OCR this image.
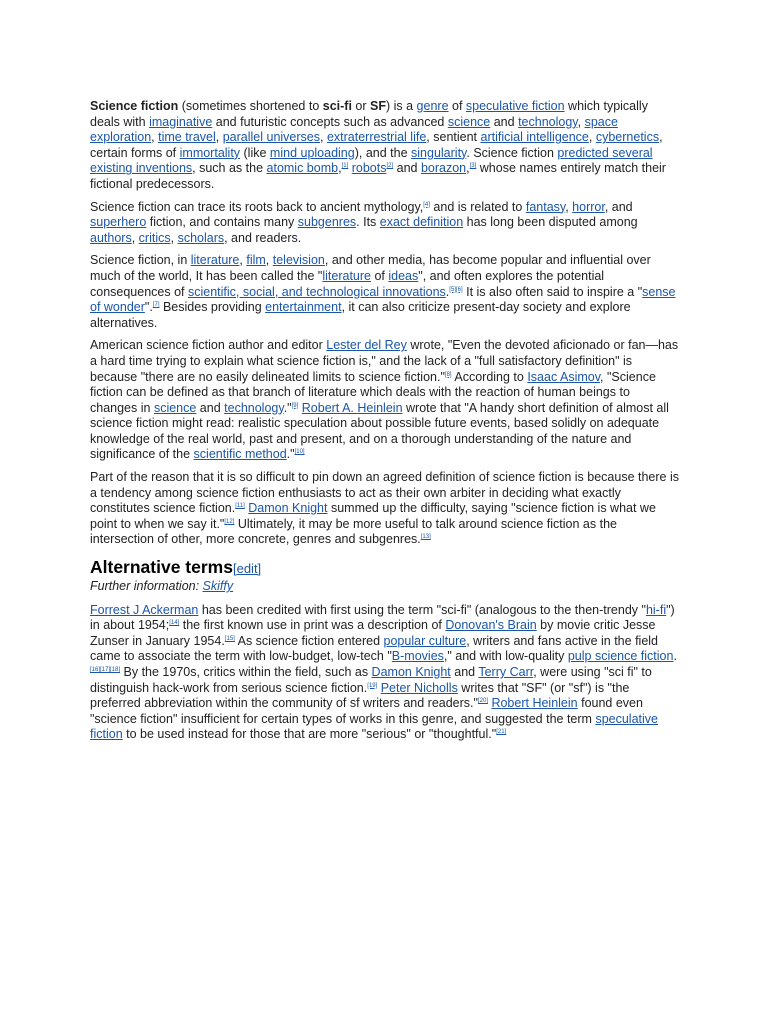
Science fiction (sometimes shortened to sci-fi or SF) is a genre of speculative fiction which typically deals with imaginative and futuristic concepts such as advanced science and technology, space exploration, time travel, parallel universes, extraterrestrial life, sentient artificial intelligence, cybernetics, certain forms of immortality (like mind uploading), and the singularity. Science fiction predicted several existing inventions, such as the atomic bomb,[1] robots[2] and borazon,[3] whose names entirely match their fictional predecessors.

Science fiction can trace its roots back to ancient mythology,[4] and is related to fantasy, horror, and superhero fiction, and contains many subgenres. Its exact definition has long been disputed among authors, critics, scholars, and readers.

Science fiction, in literature, film, television, and other media, has become popular and influential over much of the world, It has been called the "literature of ideas", and often explores the potential consequences of scientific, social, and technological innovations.[5][6] It is also often said to inspire a "sense of wonder".[7] Besides providing entertainment, it can also criticize present-day society and explore alternatives.

American science fiction author and editor Lester del Rey wrote, "Even the devoted aficionado or fan—has a hard time trying to explain what science fiction is," and the lack of a "full satisfactory definition" is because "there are no easily delineated limits to science fiction."[8] According to Isaac Asimov, "Science fiction can be defined as that branch of literature which deals with the reaction of human beings to changes in science and technology."[9] Robert A. Heinlein wrote that "A handy short definition of almost all science fiction might read: realistic speculation about possible future events, based solidly on adequate knowledge of the real world, past and present, and on a thorough understanding of the nature and significance of the scientific method."[10]

Part of the reason that it is so difficult to pin down an agreed definition of science fiction is because there is a tendency among science fiction enthusiasts to act as their own arbiter in deciding what exactly constitutes science fiction.[11] Damon Knight summed up the difficulty, saying "science fiction is what we point to when we say it."[12] Ultimately, it may be more useful to talk around science fiction as the intersection of other, more concrete, genres and subgenres.[13]

Alternative terms[edit]
Further information: Skiffy

Forrest J Ackerman has been credited with first using the term "sci-fi" (analogous to the then-trendy "hi-fi") in about 1954;[14] the first known use in print was a description of Donovan's Brain by movie critic Jesse Zunser in January 1954.[15] As science fiction entered popular culture, writers and fans active in the field came to associate the term with low-budget, low-tech "B-movies," and with low-quality pulp science fiction.[16][17][18] By the 1970s, critics within the field, such as Damon Knight and Terry Carr, were using "sci fi" to distinguish hack-work from serious science fiction.[19] Peter Nicholls writes that "SF" (or "sf") is "the preferred abbreviation within the community of sf writers and readers."[20] Robert Heinlein found even "science fiction" insufficient for certain types of works in this genre, and suggested the term speculative fiction to be used instead for those that are more "serious" or "thoughtful."[21]
